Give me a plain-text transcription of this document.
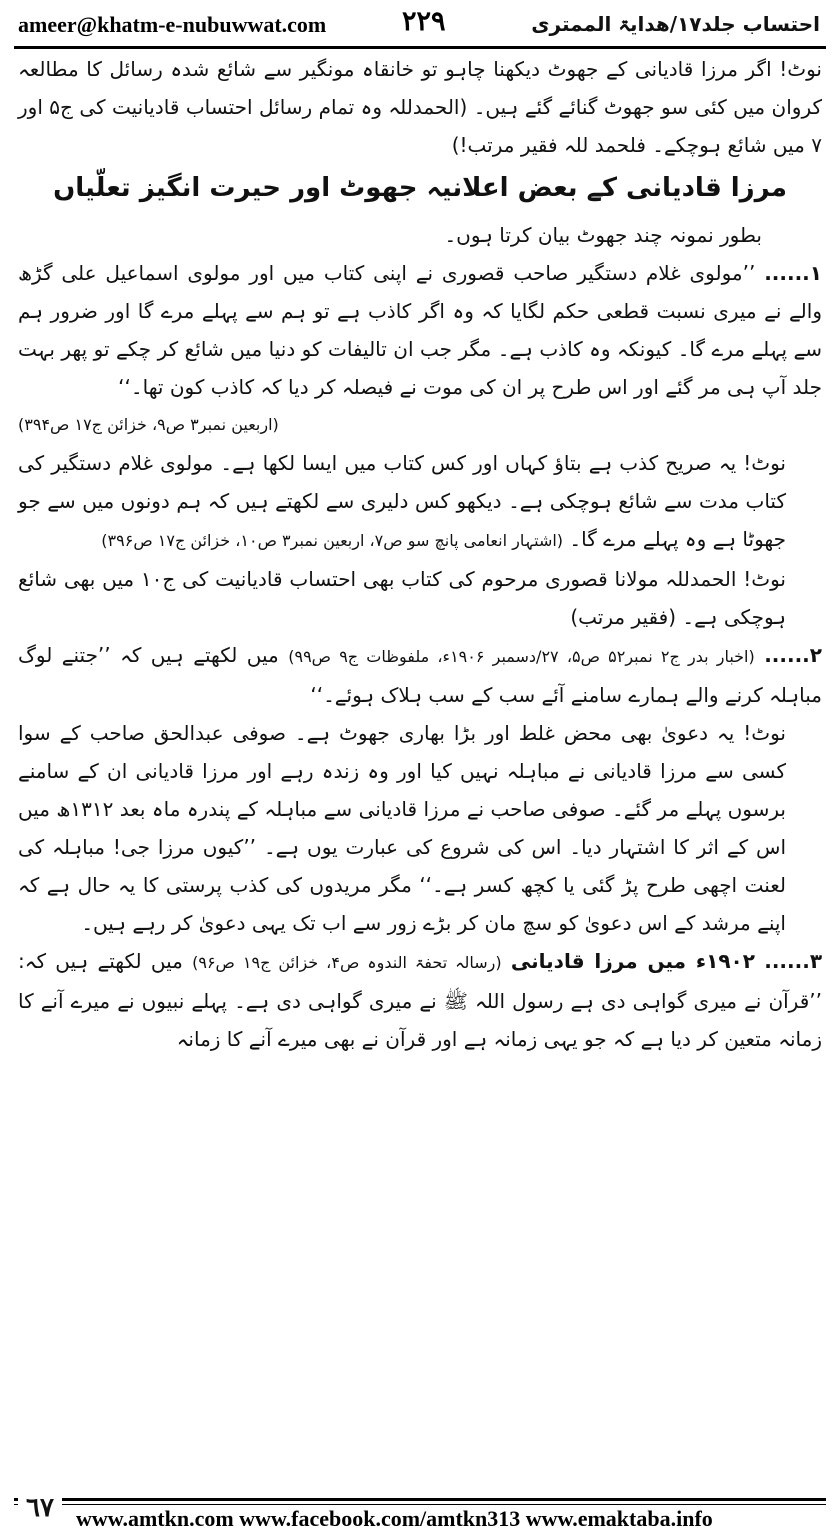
ameer@khatm-e-nubuwwat.com	۲۲۹	احتساب جلد۱۷/ھدایۃ الممتری

نوٹ! اگر مرزا قادیانی کے جھوٹ دیکھنا چاہو تو خانقاہ مونگیر سے شائع شدہ رسائل کا مطالعہ کروان میں کئی سو جھوٹ گنائے گئے ہیں۔ (الحمدللہ وہ تمام رسائل احتساب قادیانیت کی ج۵ اور ۷ میں شائع ہوچکے۔ فلحمد للہ فقیر مرتب!)

مرزا قادیانی کے بعض اعلانیہ جھوٹ اور حیرت انگیز تعلّیاں

بطور نمونہ چند جھوٹ بیان کرتا ہوں۔

۱...... ’’مولوی غلام دستگیر صاحب قصوری نے اپنی کتاب میں اور مولوی اسماعیل علی گڑھ والے نے میری نسبت قطعی حکم لگایا کہ وہ اگر کاذب ہے تو ہم سے پہلے مرے گا اور ضرور ہم سے پہلے مرے گا۔ کیونکہ وہ کاذب ہے۔ مگر جب ان تالیفات کو دنیا میں شائع کر چکے تو پھر بہت جلد آپ ہی مر گئے اور اس طرح پر ان کی موت نے فیصلہ کر دیا کہ کاذب کون تھا۔‘‘

(اربعین نمبر۳ ص۹، خزائن ج۱۷ ص۳۹۴)

نوٹ! یہ صریح کذب ہے بتاؤ کہاں اور کس کتاب میں ایسا لکھا ہے۔ مولوی غلام دستگیر کی کتاب مدت سے شائع ہوچکی ہے۔ دیکھو کس دلیری سے لکھتے ہیں کہ ہم دونوں میں سے جو جھوٹا ہے وہ پہلے مرے گا۔ (اشتہار انعامی پانچ سو ص۷، اربعین نمبر۳ ص۱۰، خزائن ج۱۷ ص۳۹۶)

نوٹ! الحمدللہ مولانا قصوری مرحوم کی کتاب بھی احتساب قادیانیت کی ج۱۰ میں بھی شائع ہوچکی ہے۔ (فقیر مرتب)

۲...... (اخبار بدر ج۲ نمبر۵۲ ص۵، ۲۷/دسمبر ۱۹۰۶ء، ملفوظات ج۹ ص۹۹) میں لکھتے ہیں کہ ’’جتنے لوگ مباہلہ کرنے والے ہمارے سامنے آئے سب کے سب ہلاک ہوئے۔‘‘

نوٹ! یہ دعویٰ بھی محض غلط اور بڑا بھاری جھوٹ ہے۔ صوفی عبدالحق صاحب کے سوا کسی سے مرزا قادیانی نے مباہلہ نہیں کیا اور وہ زندہ رہے اور مرزا قادیانی ان کے سامنے برسوں پہلے مر گئے۔ صوفی صاحب نے مرزا قادیانی سے مباہلہ کے پندرہ ماہ بعد ۱۳۱۲ھ میں اس کے اثر کا اشتہار دیا۔ اس کی شروع کی عبارت یوں ہے۔ ’’کیوں مرزا جی! مباہلہ کی لعنت اچھی طرح پڑ گئی یا کچھ کسر ہے۔‘‘ مگر مریدوں کی کذب پرستی کا یہ حال ہے کہ اپنے مرشد کے اس دعویٰ کو سچ مان کر بڑے زور سے اب تک یہی دعویٰ کر رہے ہیں۔

۳...... ۱۹۰۲ء میں مرزا قادیانی (رسالہ تحفۃ الندوہ ص۴، خزائن ج۱۹ ص۹۶) میں لکھتے ہیں کہ: ’’قرآن نے میری گواہی دی ہے رسول اللہ ﷺ نے میری گواہی دی ہے۔ پہلے نبیوں نے میرے آنے کا زمانہ متعین کر دیا ہے کہ جو یہی زمانہ ہے اور قرآن نے بھی میرے آنے کا زمانہ

٦٧	www.amtkn.com www.facebook.com/amtkn313 www.emaktaba.info
